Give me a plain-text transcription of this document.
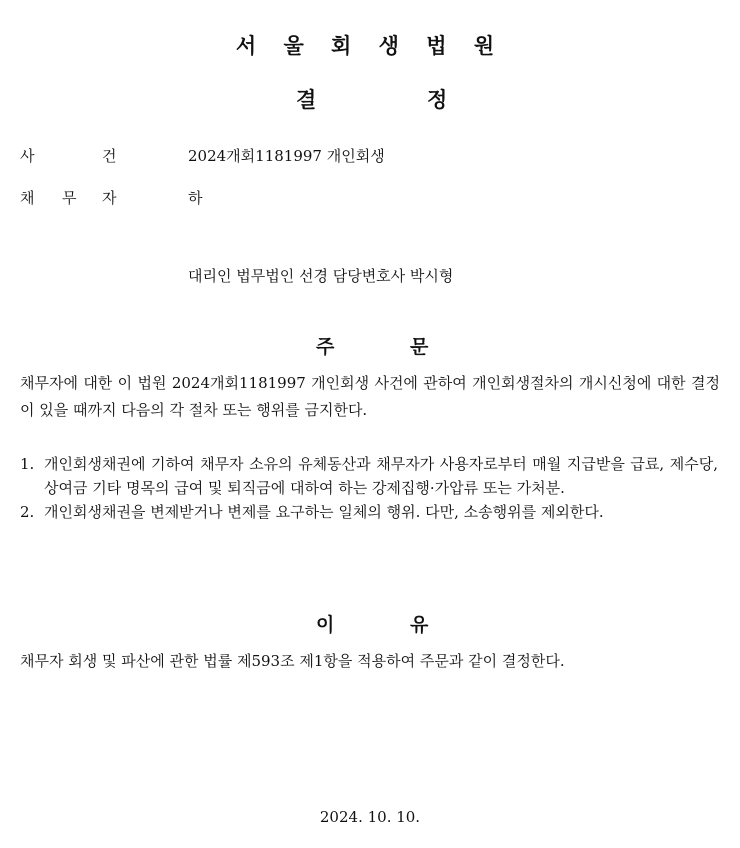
서 울 회 생 법 원
결	정
사	건	2024개회1181997 개인회생
채 무 자	하
대리인 법무법인 선경 담당변호사 박시형
주	문
채무자에 대한 이 법원 2024개회1181997 개인회생 사건에 관하여 개인회생절차의 개시신청에 대한 결정이 있을 때까지 다음의 각 절차 또는 행위를 금지한다.
1. 개인회생채권에 기하여 채무자 소유의 유체동산과 채무자가 사용자로부터 매월 지급받을 급료, 제수당, 상여금 기타 명목의 급여 및 퇴직금에 대하여 하는 강제집행·가압류 또는 가처분.
2. 개인회생채권을 변제받거나 변제를 요구하는 일체의 행위. 다만, 소송행위를 제외한다.
이	유
채무자 회생 및 파산에 관한 법률 제593조 제1항을 적용하여 주문과 같이 결정한다.
2024. 10. 10.
